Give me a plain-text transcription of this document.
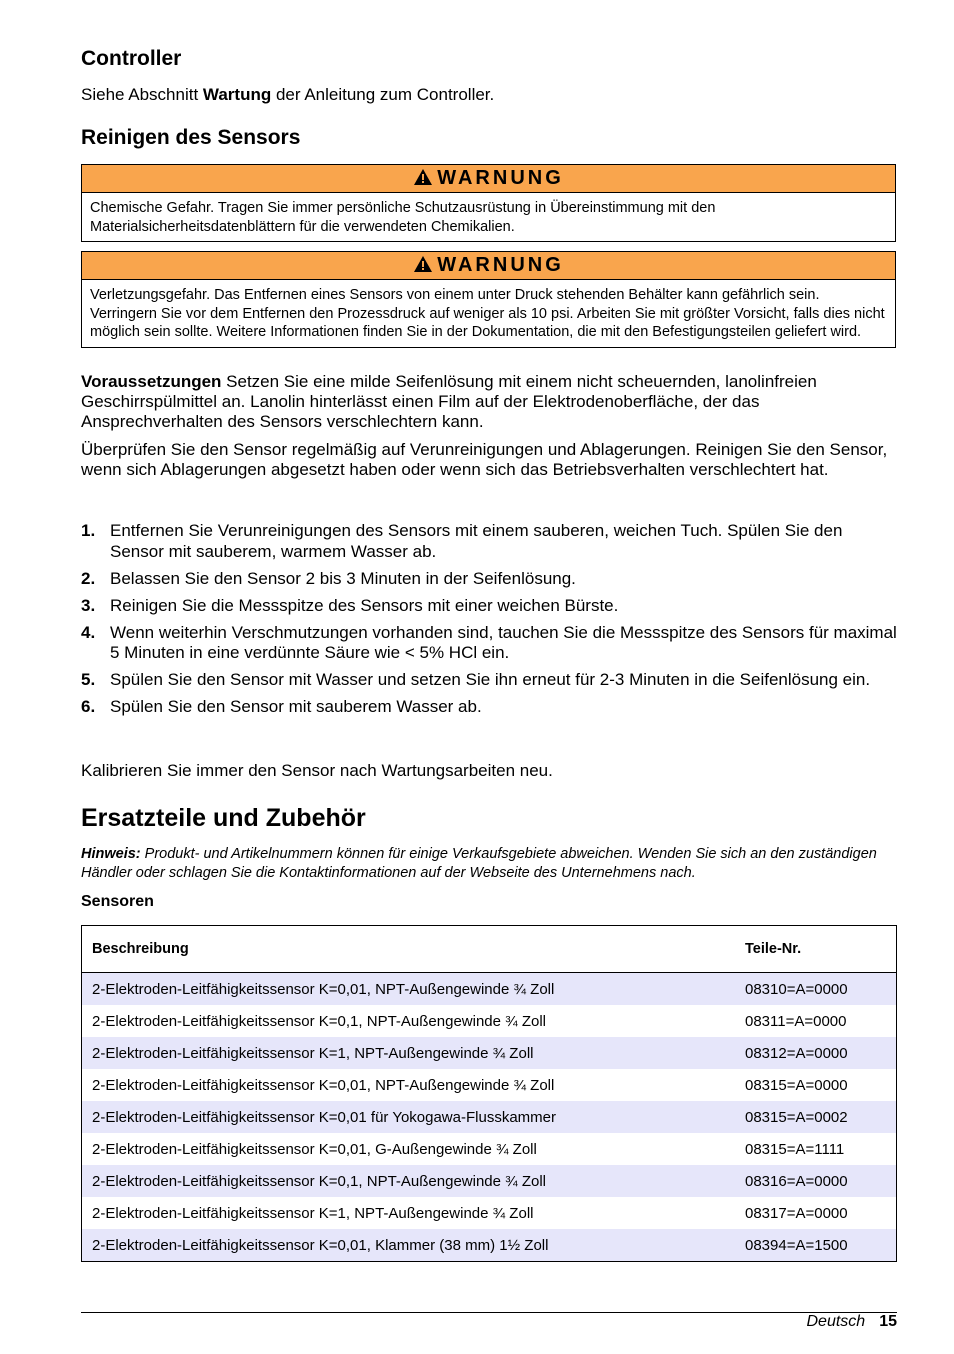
Controller
Siehe Abschnitt Wartung der Anleitung zum Controller.
Reinigen des Sensors
WARNUNG
Chemische Gefahr. Tragen Sie immer persönliche Schutzausrüstung in Übereinstimmung mit den Materialsicherheitsdatenblättern für die verwendeten Chemikalien.
WARNUNG
Verletzungsgefahr. Das Entfernen eines Sensors von einem unter Druck stehenden Behälter kann gefährlich sein. Verringern Sie vor dem Entfernen den Prozessdruck auf weniger als 10 psi. Arbeiten Sie mit größter Vorsicht, falls dies nicht möglich sein sollte. Weitere Informationen finden Sie in der Dokumentation, die mit den Befestigungsteilen geliefert wird.
Voraussetzungen Setzen Sie eine milde Seifenlösung mit einem nicht scheuernden, lanolinfreien Geschirrspülmittel an. Lanolin hinterlässt einen Film auf der Elektrodenoberfläche, der das Ansprechverhalten des Sensors verschlechtern kann.
Überprüfen Sie den Sensor regelmäßig auf Verunreinigungen und Ablagerungen. Reinigen Sie den Sensor, wenn sich Ablagerungen abgesetzt haben oder wenn sich das Betriebsverhalten verschlechtert hat.
1. Entfernen Sie Verunreinigungen des Sensors mit einem sauberen, weichen Tuch. Spülen Sie den Sensor mit sauberem, warmem Wasser ab.
2. Belassen Sie den Sensor 2 bis 3 Minuten in der Seifenlösung.
3. Reinigen Sie die Messspitze des Sensors mit einer weichen Bürste.
4. Wenn weiterhin Verschmutzungen vorhanden sind, tauchen Sie die Messspitze des Sensors für maximal 5 Minuten in eine verdünnte Säure wie < 5% HCl ein.
5. Spülen Sie den Sensor mit Wasser und setzen Sie ihn erneut für 2-3 Minuten in die Seifenlösung ein.
6. Spülen Sie den Sensor mit sauberem Wasser ab.
Kalibrieren Sie immer den Sensor nach Wartungsarbeiten neu.
Ersatzteile und Zubehör
Hinweis: Produkt- und Artikelnummern können für einige Verkaufsgebiete abweichen. Wenden Sie sich an den zuständigen Händler oder schlagen Sie die Kontaktinformationen auf der Webseite des Unternehmens nach.
Sensoren
Beschreibung	Teile-Nr.
2-Elektroden-Leitfähigkeitssensor K=0,01, NPT-Außengewinde ¾ Zoll	08310=A=0000
2-Elektroden-Leitfähigkeitssensor K=0,1, NPT-Außengewinde ¾ Zoll	08311=A=0000
2-Elektroden-Leitfähigkeitssensor K=1, NPT-Außengewinde ¾ Zoll	08312=A=0000
2-Elektroden-Leitfähigkeitssensor K=0,01, NPT-Außengewinde ¾ Zoll	08315=A=0000
2-Elektroden-Leitfähigkeitssensor K=0,01 für Yokogawa-Flusskammer	08315=A=0002
2-Elektroden-Leitfähigkeitssensor K=0,01, G-Außengewinde ¾ Zoll	08315=A=1111
2-Elektroden-Leitfähigkeitssensor K=0,1, NPT-Außengewinde ¾ Zoll	08316=A=0000
2-Elektroden-Leitfähigkeitssensor K=1, NPT-Außengewinde ¾ Zoll	08317=A=0000
2-Elektroden-Leitfähigkeitssensor K=0,01, Klammer (38 mm) 1½ Zoll	08394=A=1500
Deutsch 15
